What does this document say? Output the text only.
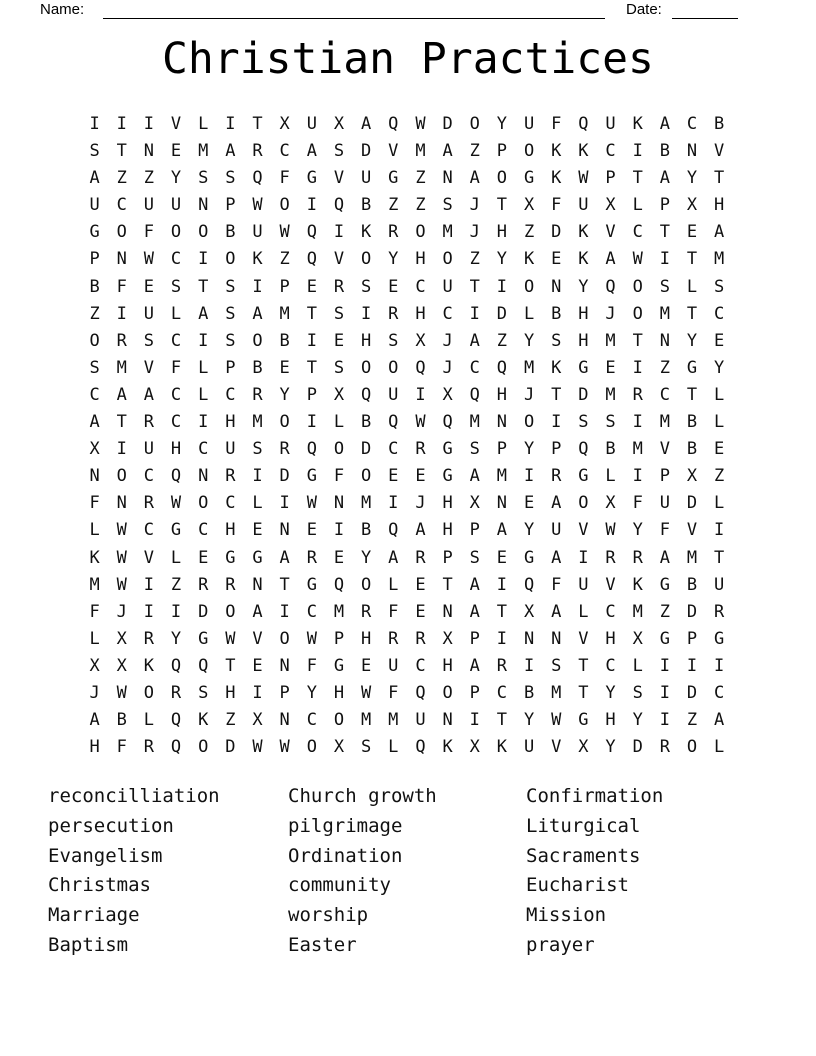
Name:	Date:
Christian Practices
I I I V L I T X U X A Q W D O Y U F Q U K A C B
S T N E M A R C A S D V M A Z P O K K C I B N V
A Z Z Y S S Q F G V U G Z N A O G K W P T A Y T
U C U U N P W O I Q B Z Z S J T X F U X L P X H
G O F O O B U W Q I K R O M J H Z D K V C T E A
P N W C I O K Z Q V O Y H O Z Y K E K A W I T M
B F E S T S I P E R S E C U T I O N Y Q O S L S
Z I U L A S A M T S I R H C I D L B H J O M T C
O R S C I S O B I E H S X J A Z Y S H M T N Y E
S M V F L P B E T S O O Q J C Q M K G E I Z G Y
C A A C L C R Y P X Q U I X Q H J T D M R C T L
A T R C I H M O I L B Q W Q M N O I S S I M B L
X I U H C U S R Q O D C R G S P Y P Q B M V B E
N O C Q N R I D G F O E E G A M I R G L I P X Z
F N R W O C L I W N M I J H X N E A O X F U D L
L W C G C H E N E I B Q A H P A Y U V W Y F V I
K W V L E G G A R E Y A R P S E G A I R R A M T
M W I Z R R N T G Q O L E T A I Q F U V K G B U
F J I I D O A I C M R F E N A T X A L C M Z D R
L X R Y G W V O W P H R R X P I N N V H X G P G
X X K Q Q T E N F G E U C H A R I S T C L I I I
J W O R S H I P Y H W F Q O P C B M T Y S I D C
A B L Q K Z X N C O M M U N I T Y W G H Y I Z A
H F R Q O D W W O X S L Q K X K U V X Y D R O L
reconcilliation
persecution
Evangelism
Christmas
Marriage
Baptism
Church growth
pilgrimage
Ordination
community
worship
Easter
Confirmation
Liturgical
Sacraments
Eucharist
Mission
prayer
